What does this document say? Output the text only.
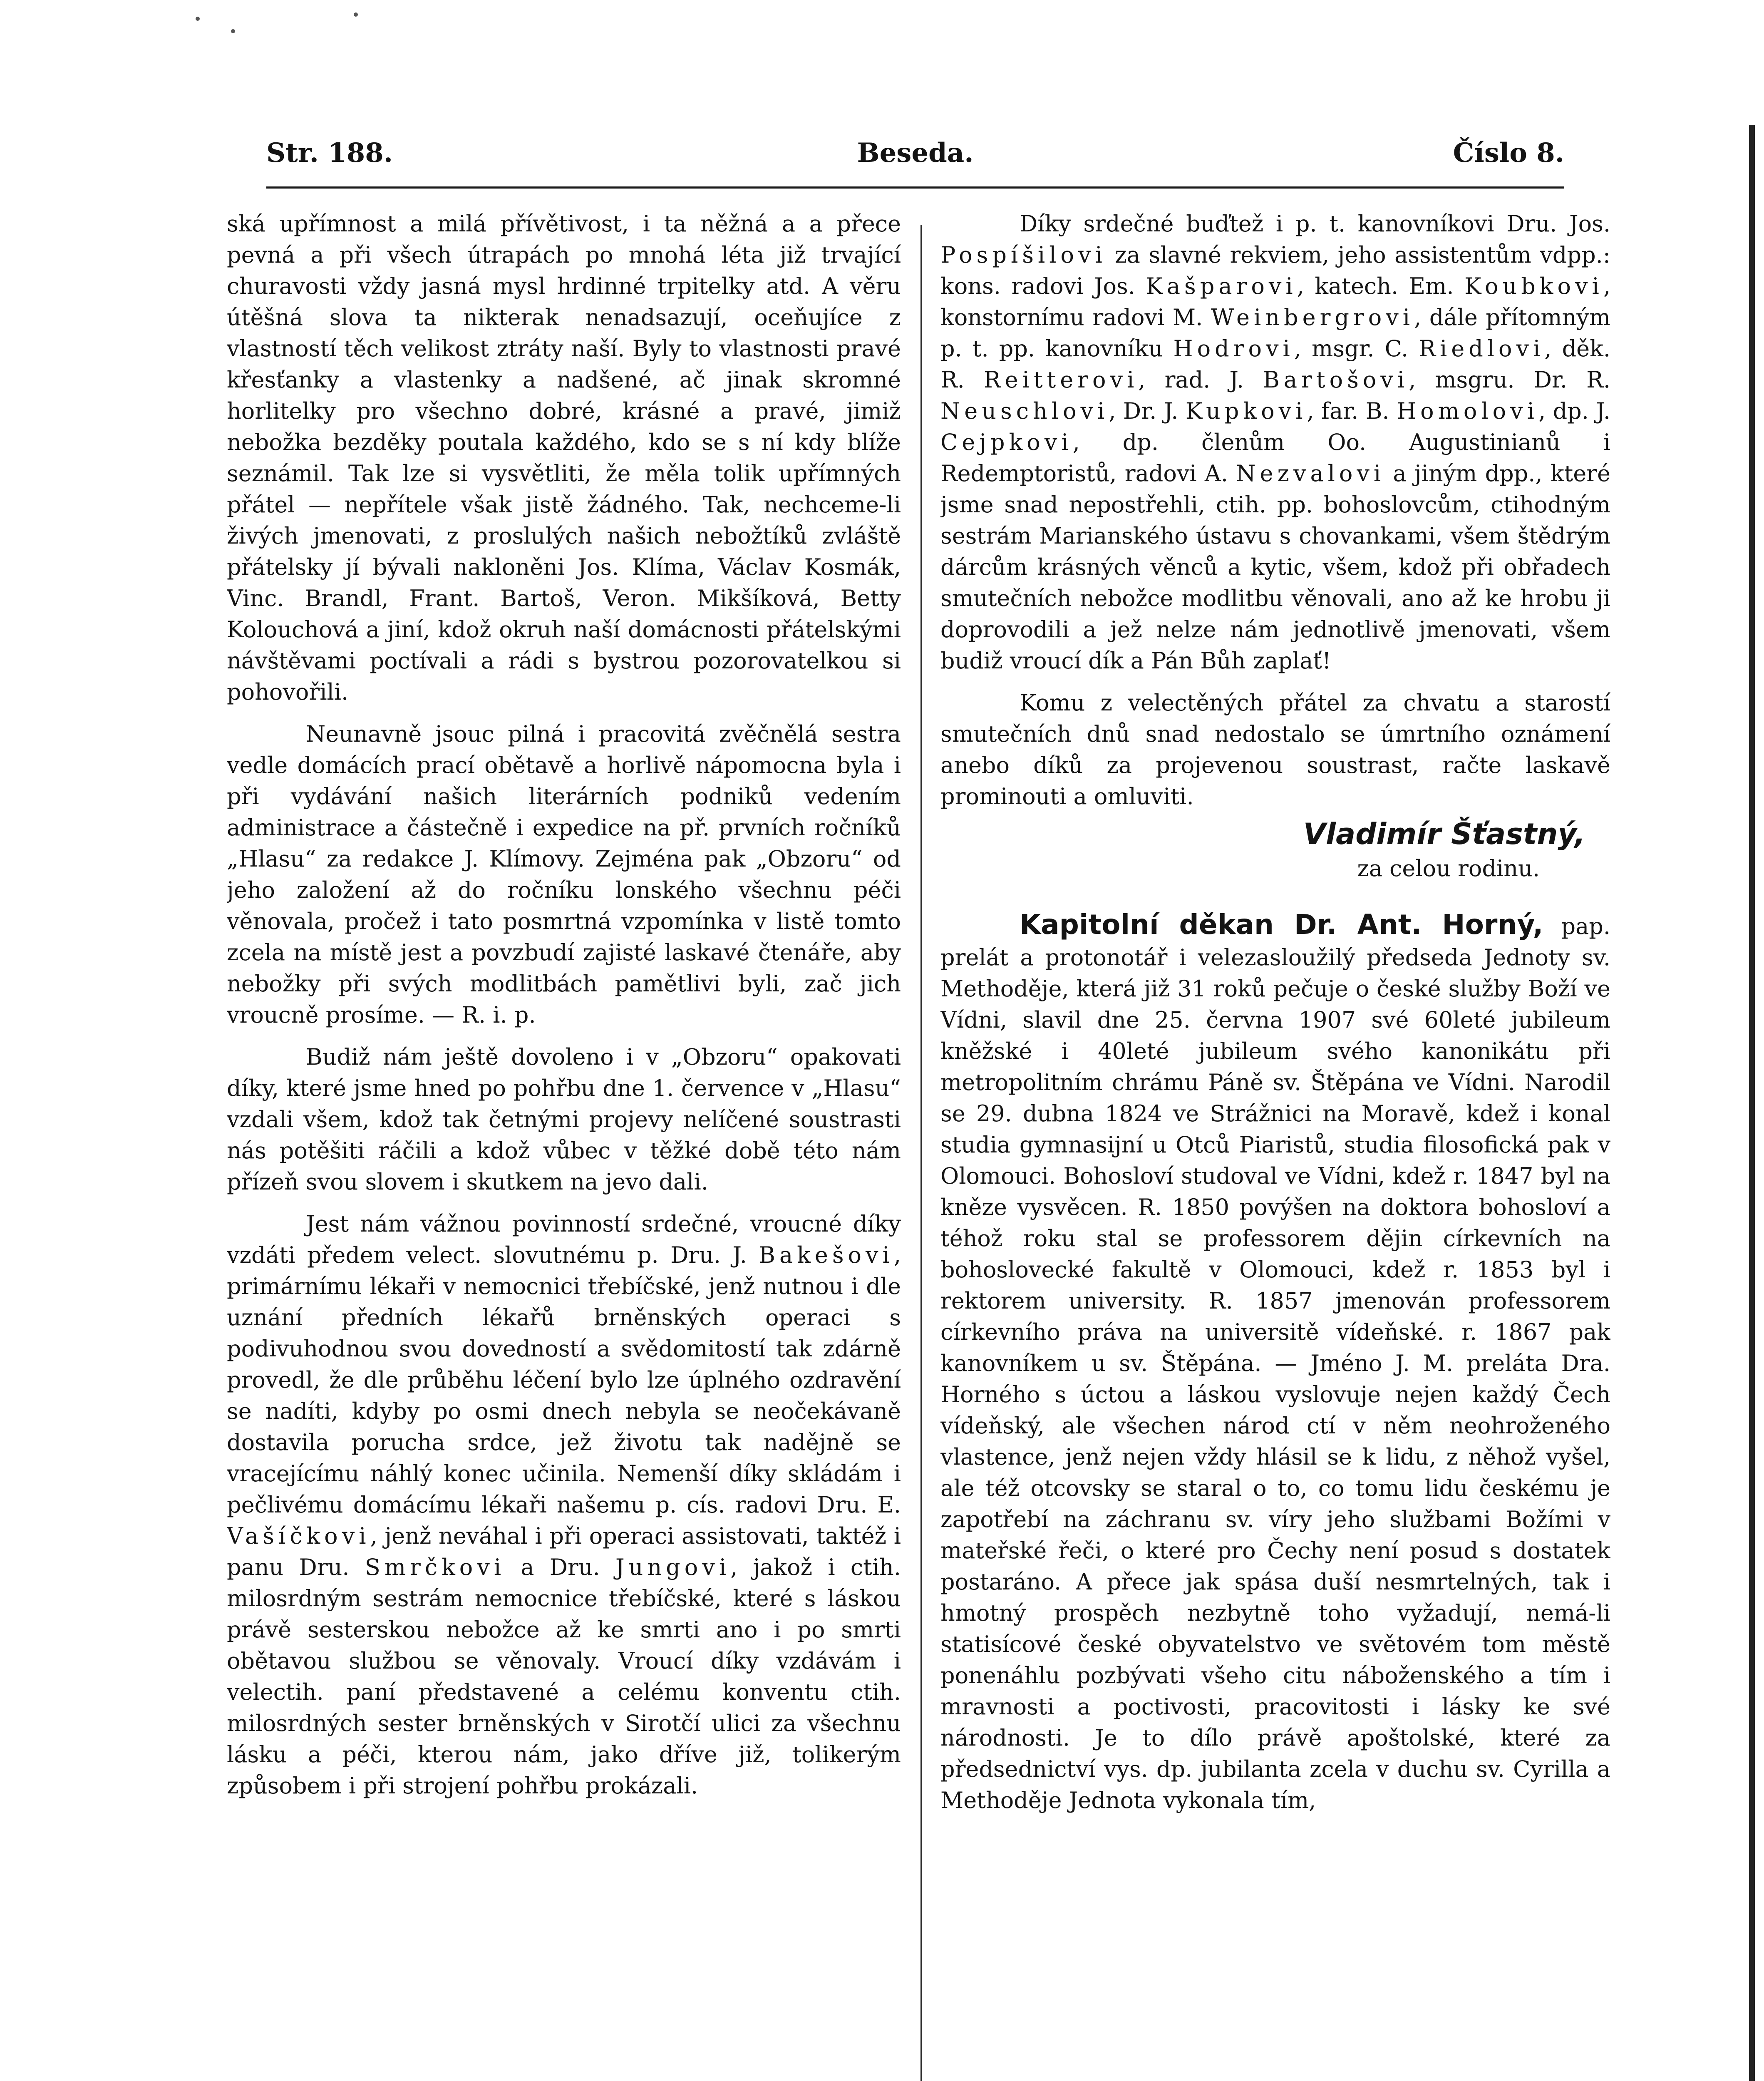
Str. 188.	Beseda.	Číslo 8.

ská upřímnost a milá přívětivost, i ta něžná a a přece pevná a při všech útrapách po mnohá léta již trvající churavosti vždy jasná mysl hrdinné trpitelky atd. A věru útěšná slova ta nikterak nenadsazují, oceňujíce z vlastností těch velikost ztráty naší. Byly to vlastnosti pravé křesťanky a vlastenky a nadšené, ač jinak skromné horlitelky pro všechno dobré, krásné a pravé, jimiž nebožka bezděky poutala každého, kdo se s ní kdy blíže seznámil. Tak lze si vysvětliti, že měla tolik upřímných přátel — nepřítele však jistě žádného. Tak, nechceme-li živých jmenovati, z proslulých našich nebožtíků zvláště přátelsky jí bývali nakloněni Jos. Klíma, Václav Kosmák, Vinc. Brandl, Frant. Bartoš, Veron. Mikšíková, Betty Kolouchová a jiní, kdož okruh naší domácnosti přátelskými návštěvami poctívali a rádi s bystrou pozorovatelkou si pohovořili.

Neunavně jsouc pilná i pracovitá zvěčnělá sestra vedle domácích prací obětavě a horlivě nápomocna byla i při vydávání našich literárních podniků vedením administrace a částečně i expedice na př. prvních ročníků „Hlasu“ za redakce J. Klímovy. Zejména pak „Obzoru“ od jeho založení až do ročníku lonského všechnu péči věnovala, pročež i tato posmrtná vzpomínka v listě tomto zcela na místě jest a povzbudí zajisté laskavé čtenáře, aby nebožky při svých modlitbách pamětlivi byli, zač jich vroucně prosíme. — R. i. p.

Budiž nám ještě dovoleno i v „Obzoru“ opakovati díky, které jsme hned po pohřbu dne 1. července v „Hlasu“ vzdali všem, kdož tak četnými projevy nelíčené soustrasti nás potěšiti ráčili a kdož vůbec v těžké době této nám přízeň svou slovem i skutkem na jevo dali.

Jest nám vážnou povinností srdečné, vroucné díky vzdáti předem velect. slovutnému p. Dru. J. Bakešovi, primárnímu lékaři v nemocnici třebíčské, jenž nutnou i dle uznání předních lékařů brněnských operaci s podivuhodnou svou dovedností a svědomitostí tak zdárně provedl, že dle průběhu léčení bylo lze úplného ozdravění se nadíti, kdyby po osmi dnech nebyla se neočekávaně dostavila porucha srdce, jež životu tak nadějně se vracejícímu náhlý konec učinila. Nemenší díky skládám i pečlivému domácímu lékaři našemu p. cís. radovi Dru. E. Vašíčkovi, jenž neváhal i při operaci assistovati, taktéž i panu Dru. Smrčkovi a Dru. Jungovi, jakož i ctih. milosrdným sestrám nemocnice třebíčské, které s láskou právě sesterskou nebožce až ke smrti ano i po smrti obětavou službou se věnovaly. Vroucí díky vzdávám i velectih. paní představené a celému konventu ctih. milosrdných sester brněnských v Sirotčí ulici za všechnu lásku a péči, kterou nám, jako dříve již, tolikerým způsobem i při strojení pohřbu prokázali.

Díky srdečné buďtež i p. t. kanovníkovi Dru. Jos. Pospíšilovi za slavné rekviem, jeho assistentům vdpp.: kons. radovi Jos. Kašparovi, katech. Em. Koubkovi, konstornímu radovi M. Weinbergrovi, dále přítomným p. t. pp. kanovníku Hodrovi, msgr. C. Riedlovi, děk. R. Reitterovi, rad. J. Bartošovi, msgru. Dr. R. Neuschlovi, Dr. J. Kupkovi, far. B. Homolovi, dp. J. Cejpkovi, dp. členům Oo. Augustinianů i Redemptoristů, radovi A. Nezvalovi a jiným dpp., které jsme snad nepostřehli, ctih. pp. bohoslovcům, ctihodným sestrám Marianského ústavu s chovankami, všem štědrým dárcům krásných věnců a kytic, všem, kdož při obřadech smutečních nebožce modlitbu věnovali, ano až ke hrobu ji doprovodili a jež nelze nám jednotlivě jmenovati, všem budiž vroucí dík a Pán Bůh zaplať!

Komu z velectěných přátel za chvatu a starostí smutečních dnů snad nedostalo se úmrtního oznámení anebo díků za projevenou soustrast, račte laskavě prominouti a omluviti.

Vladimír Šťastný,

za celou rodinu.

Kapitolní děkan Dr. Ant. Horný, pap. prelát a protonotář i velezasloužilý předseda Jednoty sv. Methoděje, která již 31 roků pečuje o české služby Boží ve Vídni, slavil dne 25. června 1907 své 60leté jubileum kněžské i 40leté jubileum svého kanonikátu při metropolitním chrámu Páně sv. Štěpána ve Vídni. Narodil se 29. dubna 1824 ve Strážnici na Moravě, kdež i konal studia gymnasijní u Otců Piaristů, studia filosofická pak v Olomouci. Bohosloví studoval ve Vídni, kdež r. 1847 byl na kněze vysvěcen. R. 1850 povýšen na doktora bohosloví a téhož roku stal se professorem dějin církevních na bohoslovecké fakultě v Olomouci, kdež r. 1853 byl i rektorem university. R. 1857 jmenován professorem církevního práva na universitě vídeňské. r. 1867 pak kanovníkem u sv. Štěpána. — Jméno J. M. preláta Dra. Horného s úctou a láskou vyslovuje nejen každý Čech vídeňský, ale všechen národ ctí v něm neohroženého vlastence, jenž nejen vždy hlásil se k lidu, z něhož vyšel, ale též otcovsky se staral o to, co tomu lidu českému je zapotřebí na záchranu sv. víry jeho službami Božími v mateřské řeči, o které pro Čechy není posud s dostatek postaráno. A přece jak spása duší nesmrtelných, tak i hmotný prospěch nezbytně toho vyžadují, nemá-li statisícové české obyvatelstvo ve světovém tom městě ponenáhlu pozbývati všeho citu náboženského a tím i mravnosti a poctivosti, pracovitosti i lásky ke své národnosti. Je to dílo právě apoštolské, které za předsednictví vys. dp. jubilanta zcela v duchu sv. Cyrilla a Methoděje Jednota vykonala tím,
